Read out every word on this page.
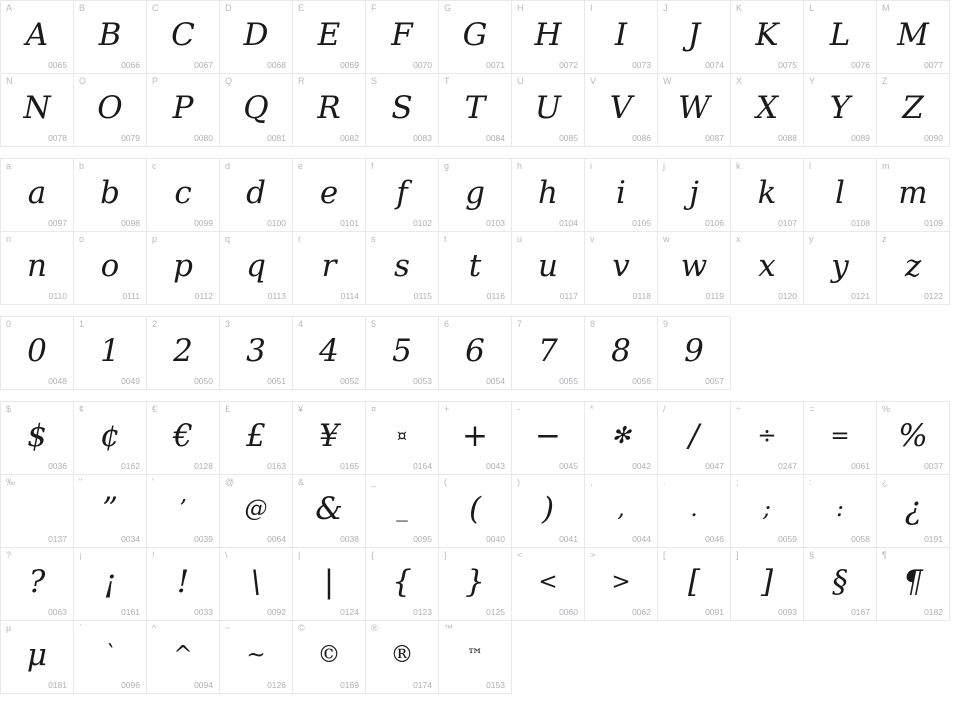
A
A
0065
B
B
0066
C
C
0067
D
D
0068
E
E
0069
F
F
0070
G
G
0071
H
H
0072
I
I
0073
J
J
0074
K
K
0075
L
L
0076
M
M
0077
N
N
0078
O
O
0079
P
P
0080
Q
Q
0081
R
R
0082
S
S
0083
T
T
0084
U
U
0085
V
V
0086
W
W
0087
X
X
0088
Y
Y
0089
Z
Z
0090
a
a
0097
b
b
0098
c
c
0099
d
d
0100
e
e
0101
f
f
0102
g
g
0103
h
h
0104
i
i
0105
j
j
0106
k
k
0107
l
l
0108
m
m
0109
n
n
0110
o
o
0111
p
p
0112
q
q
0113
r
r
0114
s
s
0115
t
t
0116
u
u
0117
v
v
0118
w
w
0119
x
x
0120
y
y
0121
z
z
0122
0
0
0048
1
1
0049
2
2
0050
3
3
0051
4
4
0052
5
5
0053
6
6
0054
7
7
0055
8
8
0056
9
9
0057
$
$
0036
¢
¢
0162
€
€
0128
£
£
0163
¥
¥
0165
¤
¤
0164
+
+
0043
-
−
0045
*
✻
0042
/
/
0047
÷
÷
0247
=
=
0061
%
%
0037
‰
0137
"
”
0034
'
’
0039
@
@
0064
&
&
0038
_
_
0095
(
(
0040
)
)
0041
,
,
0044
.
.
0046
;
;
0059
:
:
0058
¿
¿
0191
?
?
0063
¡
¡
0161
!
!
0033
\
\
0092
|
|
0124
{
{
0123
}
}
0125
<
<
0060
>
>
0062
[
[
0091
]
]
0093
§
§
0167
¶
¶
0182
µ
μ
0181
`
`
0096
^
^
0094
~
~
0126
©
©
0169
®
®
0174
™
™
0153
